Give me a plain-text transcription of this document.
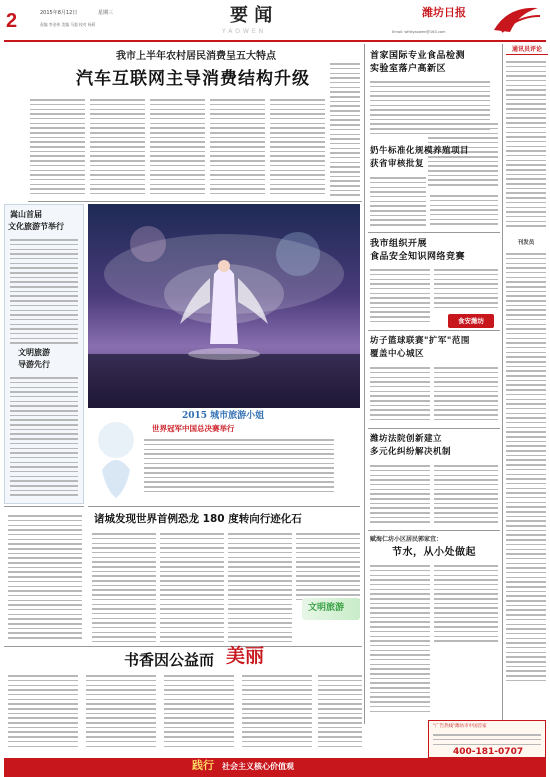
2	2015年8月12日	星期三
责编 李金伟 美编 马超 校对 杨莉	要 闻
YAOWEN
潍坊日报
Email: wfrbyaowen@163.com
我市上半年农村居民消费呈五大特点
汽车互联网主导消费结构升级
嵩山首届
文化旅游节举行
文明旅游
导游先行
2015 城市旅游小姐
世界冠军中国总决赛举行
诸城发现世界首例恐龙 180 度转向行迹化石
文明旅游
首家国际专业食品检测
实验室落户高新区
奶牛标准化规模养殖项目
获省审核批复
我市组织开展
食品安全知识网络竞赛
食安潍坊
坊子篮球联赛"扩军"范围
覆盖中心城区
潍坊法院创新建立
多元化纠纷解决机制
赋海仁坊小区居民郭家宜：
节水，从小处做起
通讯员评论
刊发员
书香因公益而 美丽
"广告热线"潍坊市中国首家
400-181-0707
践行 社会主义核心价值观
